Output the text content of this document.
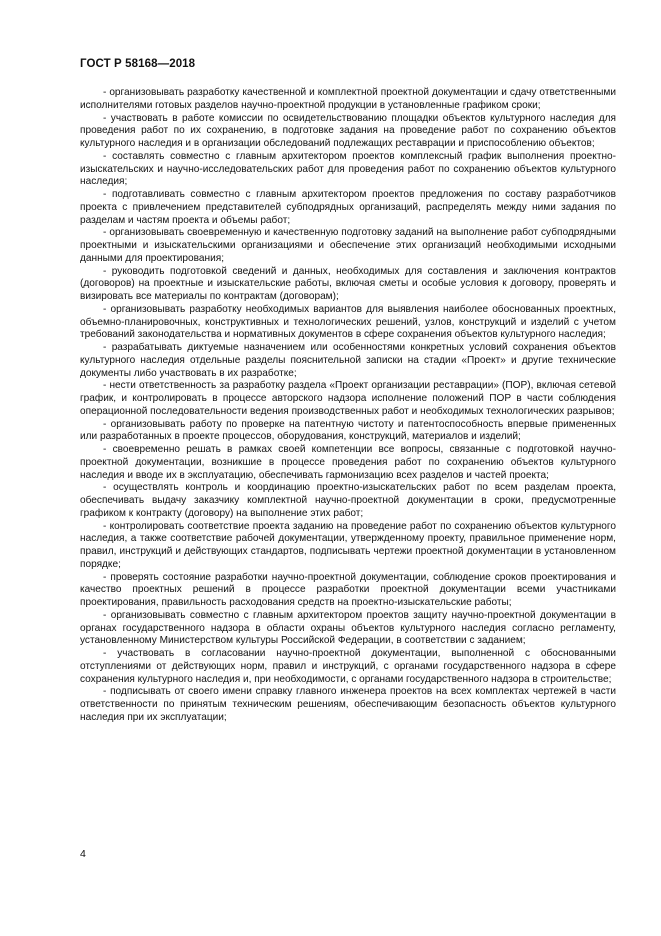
ГОСТ Р 58168—2018

- организовывать разработку качественной и комплектной проектной документации и сдачу ответственными исполнителями готовых разделов научно-проектной продукции в установленные графиком сроки;

- участвовать в работе комиссии по освидетельствованию площадки объектов культурного наследия для проведения работ по их сохранению, в подготовке задания на проведение работ по сохранению объектов культурного наследия и в организации обследований подлежащих реставрации и приспособлению объектов;

- составлять совместно с главным архитектором проектов комплексный график выполнения проектно-изыскательских и научно-исследовательских работ для проведения работ по сохранению объектов культурного наследия;

- подготавливать совместно с главным архитектором проектов предложения по составу разработчиков проекта с привлечением представителей субподрядных организаций, распределять между ними задания по разделам и частям проекта и объемы работ;

- организовывать своевременную и качественную подготовку заданий на выполнение работ субподрядными проектными и изыскательскими организациями и обеспечение этих организаций необходимыми исходными данными для проектирования;

- руководить подготовкой сведений и данных, необходимых для составления и заключения контрактов (договоров) на проектные и изыскательские работы, включая сметы и особые условия к договору, проверять и визировать все материалы по контрактам (договорам);

- организовывать разработку необходимых вариантов для выявления наиболее обоснованных проектных, объемно-планировочных, конструктивных и технологических решений, узлов, конструкций и изделий с учетом требований законодательства и нормативных документов в сфере сохранения объектов культурного наследия;

- разрабатывать диктуемые назначением или особенностями конкретных условий сохранения объектов культурного наследия отдельные разделы пояснительной записки на стадии «Проект» и другие технические документы либо участвовать в их разработке;

- нести ответственность за разработку раздела «Проект организации реставрации» (ПОР), включая сетевой график, и контролировать в процессе авторского надзора исполнение положений ПОР в части соблюдения операционной последовательности ведения производственных работ и необходимых технологических разрывов;

- организовывать работу по проверке на патентную чистоту и патентоспособность впервые примененных или разработанных в проекте процессов, оборудования, конструкций, материалов и изделий;

- своевременно решать в рамках своей компетенции все вопросы, связанные с подготовкой научно-проектной документации, возникшие в процессе проведения работ по сохранению объектов культурного наследия и вводе их в эксплуатацию, обеспечивать гармонизацию всех разделов и частей проекта;

- осуществлять контроль и координацию проектно-изыскательских работ по всем разделам проекта, обеспечивать выдачу заказчику комплектной научно-проектной документации в сроки, предусмотренные графиком к контракту (договору) на выполнение этих работ;

- контролировать соответствие проекта заданию на проведение работ по сохранению объектов культурного наследия, а также соответствие рабочей документации, утвержденному проекту, правильное применение норм, правил, инструкций и действующих стандартов, подписывать чертежи проектной документации в установленном порядке;

- проверять состояние разработки научно-проектной документации, соблюдение сроков проектирования и качество проектных решений в процессе разработки проектной документации всеми участниками проектирования, правильность расходования средств на проектно-изыскательские работы;

- организовывать совместно с главным архитектором проектов защиту научно-проектной документации в органах государственного надзора в области охраны объектов культурного наследия согласно регламенту, установленному Министерством культуры Российской Федерации, в соответствии с заданием;

- участвовать в согласовании научно-проектной документации, выполненной с обоснованными отступлениями от действующих норм, правил и инструкций, с органами государственного надзора в сфере сохранения культурного наследия и, при необходимости, с органами государственного надзора в строительстве;

- подписывать от своего имени справку главного инженера проектов на всех комплектах чертежей в части ответственности по принятым техническим решениям, обеспечивающим безопасность объектов культурного наследия при их эксплуатации;

4
